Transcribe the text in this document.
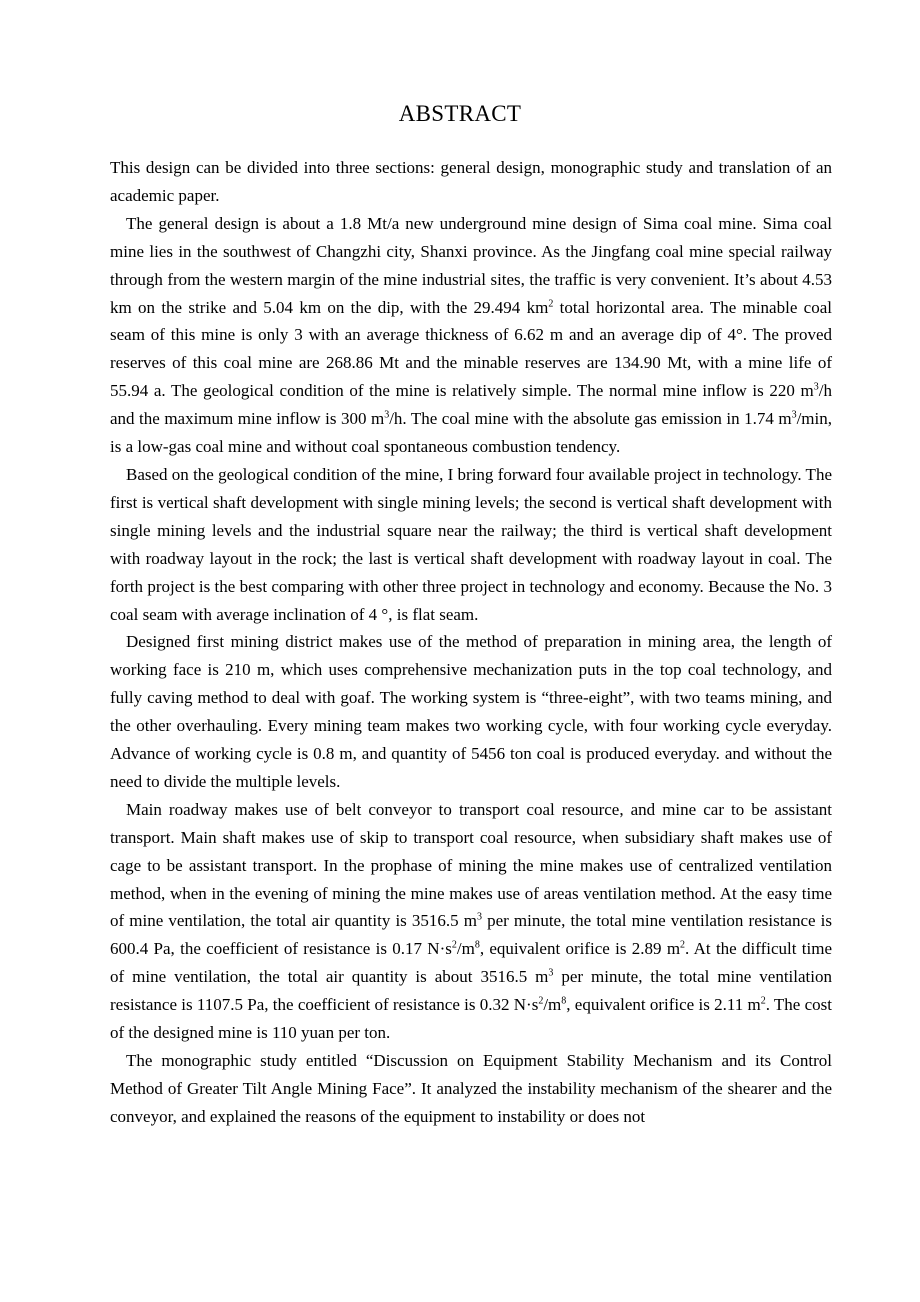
ABSTRACT

This design can be divided into three sections: general design, monographic study and translation of an academic paper.

The general design is about a 1.8 Mt/a new underground mine design of Sima coal mine. Sima coal mine lies in the southwest of Changzhi city, Shanxi province. As the Jingfang coal mine special railway through from the western margin of the mine industrial sites, the traffic is very convenient. It’s about 4.53 km on the strike and 5.04 km on the dip, with the 29.494 $km^2$ total horizontal area. The minable coal seam of this mine is only 3 with an average thickness of 6.62 m and an average dip of 4°. The proved reserves of this coal mine are 268.86 Mt and the minable reserves are 134.90 Mt, with a mine life of 55.94 a. The geological condition of the mine is relatively simple. The normal mine inflow is 220 $m^3/h$ and the maximum mine inflow is 300 $m^3/h$. The coal mine with the absolute gas emission in 1.74 $m^3/\min$, is a low-gas coal mine and without coal spontaneous combustion tendency.

Based on the geological condition of the mine, I bring forward four available project in technology. The first is vertical shaft development with single mining levels; the second is vertical shaft development with single mining levels and the industrial square near the railway; the third is vertical shaft development with roadway layout in the rock; the last is vertical shaft development with roadway layout in coal. The forth project is the best comparing with other three project in technology and economy. Because the No. 3 coal seam with average inclination of 4 °, is flat seam.

Designed first mining district makes use of the method of preparation in mining area, the length of working face is 210 m, which uses comprehensive mechanization puts in the top coal technology, and fully caving method to deal with goaf. The working system is “three-eight”, with two teams mining, and the other overhauling. Every mining team makes two working cycle, with four working cycle everyday. Advance of working cycle is 0.8 m, and quantity of 5456 ton coal is produced everyday. and without the need to divide the multiple levels.

Main roadway makes use of belt conveyor to transport coal resource, and mine car to be assistant transport. Main shaft makes use of skip to transport coal resource, when subsidiary shaft makes use of cage to be assistant transport. In the prophase of mining the mine makes use of centralized ventilation method, when in the evening of mining the mine makes use of areas ventilation method. At the easy time of mine ventilation, the total air quantity is 3516.5 $m^3$ per minute, the total mine ventilation resistance is 600.4 Pa, the coefficient of resistance is 0.17 $N\cdot s^2/m^8$, equivalent orifice is 2.89 $m^2$. At the difficult time of mine ventilation, the total air quantity is about 3516.5 $m^3$ per minute, the total mine ventilation resistance is 1107.5 Pa, the coefficient of resistance is 0.32 $N\cdot s^2/m^8$, equivalent orifice is 2.11 $m^2$. The cost of the designed mine is 110 yuan per ton.

The monographic study entitled “Discussion on Equipment Stability Mechanism and its Control Method of Greater Tilt Angle Mining Face”. It analyzed the instability mechanism of the shearer and the conveyor, and explained the reasons of the equipment to instability or does not
